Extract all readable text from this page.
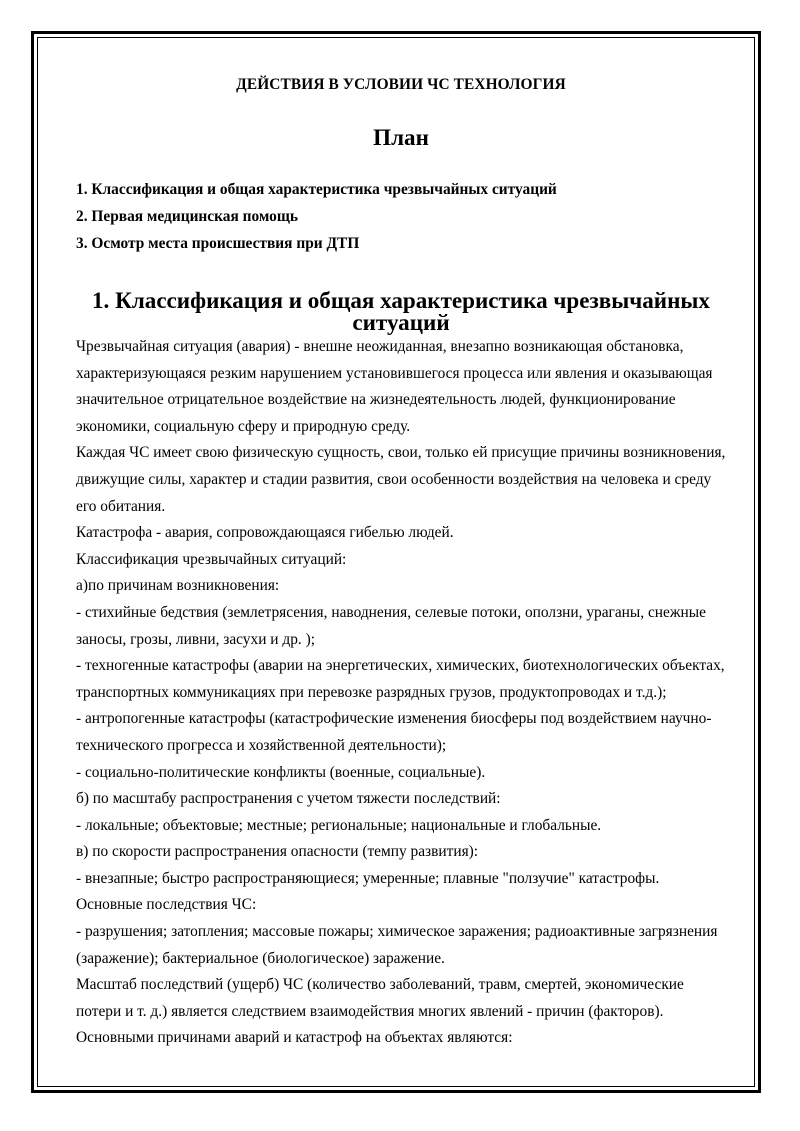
ДЕЙСТВИЯ В УСЛОВИИ ЧС ТЕХНОЛОГИЯ
План
1. Классификация и общая характеристика чрезвычайных ситуаций
2. Первая медицинская помощь
3. Осмотр места происшествия при ДТП
1. Классификация и общая характеристика чрезвычайных ситуаций

Чрезвычайная ситуация (авария) - внешне неожиданная, внезапно возникающая обстановка, характеризующаяся резким нарушением установившегося процесса или явления и оказывающая значительное отрицательное воздействие на жизнедеятельность людей, функционирование экономики, социальную сферу и природную среду.

Каждая ЧС имеет свою физическую сущность, свои, только ей присущие причины возникновения, движущие силы, характер и стадии развития, свои особенности воздействия на человека и среду его обитания.

Катастрофа - авария, сопровождающаяся гибелью людей.

Классификация чрезвычайных ситуаций:

а)по причинам возникновения:

- стихийные бедствия (землетрясения, наводнения, селевые потоки, оползни, ураганы, снежные заносы, грозы, ливни, засухи и др. );

- техногенные катастрофы (аварии на энергетических, химических, биотехнологических объектах, транспортных коммуникациях при перевозке разрядных грузов, продуктопроводах и т.д.);

- антропогенные катастрофы (катастрофические изменения биосферы под воздействием научно-технического прогресса и хозяйственной деятельности);

- социально-политические конфликты (военные, социальные).

б) по масштабу распространения с учетом тяжести последствий:

- локальные; объектовые; местные; региональные; национальные и глобальные.

в) по скорости распространения опасности (темпу развития):

- внезапные; быстро распространяющиеся; умеренные; плавные "ползучие" катастрофы.

Основные последствия ЧС:

- разрушения; затопления; массовые пожары; химическое заражения; радиоактивные загрязнения (заражение); бактериальное (биологическое) заражение.

Масштаб последствий (ущерб) ЧС (количество заболеваний, травм, смертей, экономические потери и т. д.) является следствием взаимодействия многих явлений - причин (факторов).

Основными причинами аварий и катастроф на объектах являются:
